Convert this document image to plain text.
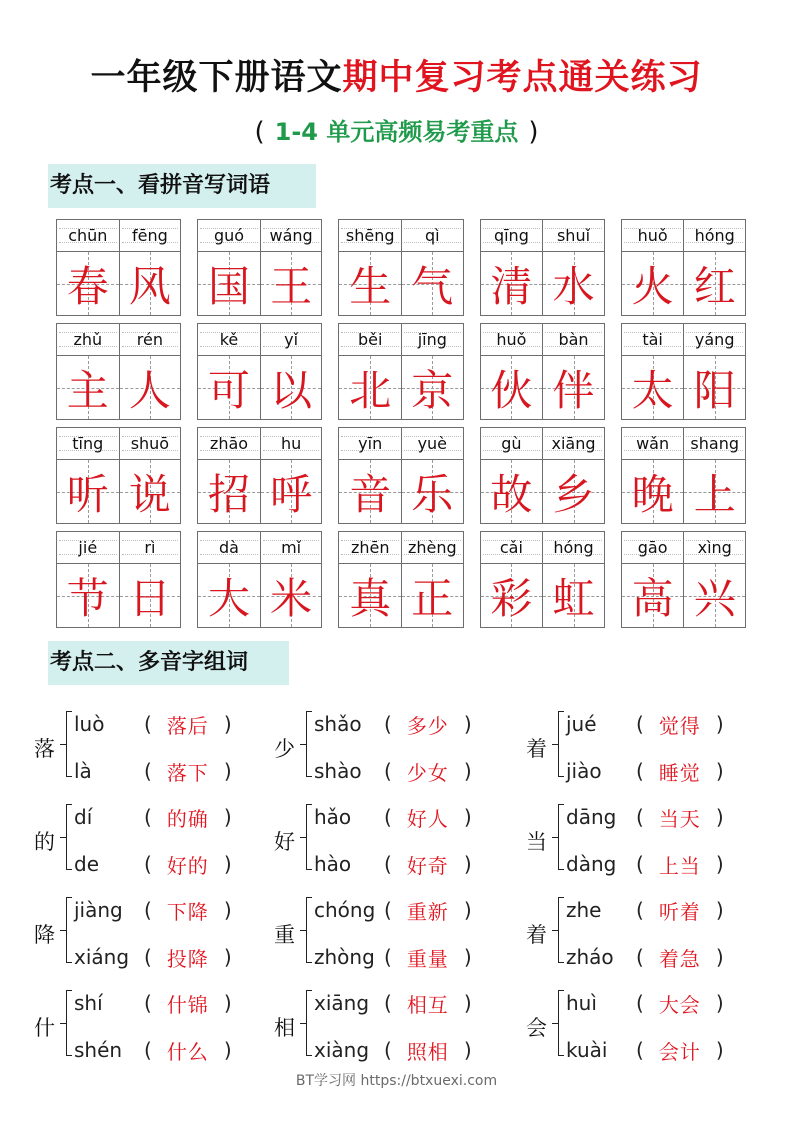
一年级下册语文期中复习考点通关练习
( 1-4 单元高频易考重点 )
考点一、看拼音写词语
chūn
春
fēng
风
guó
国
wáng
王
shēng
生
qì
气
qīng
清
shuǐ
水
huǒ
火
hóng
红
zhǔ
主
rén
人
kě
可
yǐ
以
běi
北
jīng
京
huǒ
伙
bàn
伴
tài
太
yáng
阳
tīng
听
shuō
说
zhāo
招
hu
呼
yīn
音
yuè
乐
gù
故
xiāng
乡
wǎn
晚
shang
上
jié
节
rì
日
dà
大
mǐ
米
zhēn
真
zhèng
正
cǎi
彩
hóng
虹
gāo
高
xìng
兴
考点二、多音字组词
落
luò	( 落后 )
là	( 落下 )
的
dí	( 的确 )
de	( 好的 )
降
jiàng	( 下降 )
xiáng ( 投降 )
什
shí	( 什锦 )
shén	( 什么 )
少
shǎo	( 多少 )
shào	( 少女 )
好
hǎo	( 好人 )
hào	( 好奇 )
重
chóng ( 重新 )
zhòng ( 重量 )
相
xiāng ( 相互 )
xiàng ( 照相 )
着
jué	( 觉得 )
jiào	( 睡觉 )
当
dāng ( 当天 )
dàng ( 上当 )
着
zhe	( 听着 )
zháo	( 着急 )
会
huì	( 大会 )
kuài	( 会计 )
BT学习网 https://btxuexi.com
